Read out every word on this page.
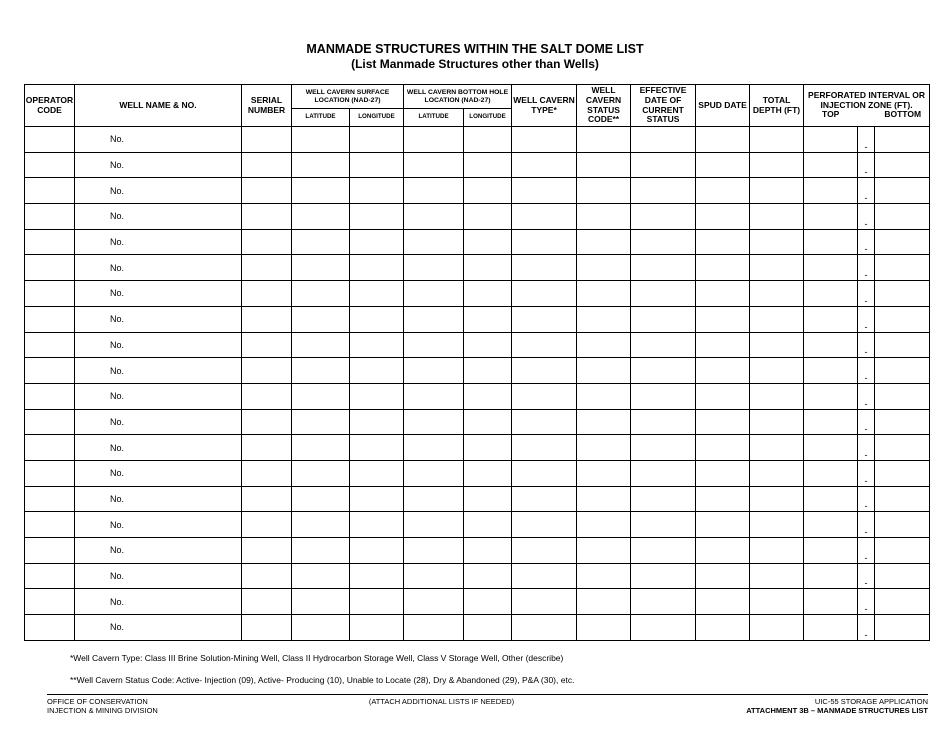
MANMADE STRUCTURES WITHIN THE SALT DOME LIST
(List Manmade Structures other than Wells)
OPERATOR CODE	WELL NAME & NO.	SERIAL NUMBER	WELL CAVERN SURFACE LOCATION (NAD-27)		WELL CAVERN BOTTOM HOLE LOCATION (NAD-27)		WELL CAVERN TYPE*	WELL CAVERN STATUS CODE**	EFFECTIVE DATE OF CURRENT STATUS	SPUD DATE	TOTAL DEPTH (FT)	PERFORATED INTERVAL OR INJECTION ZONE (FT).
TOP BOTTOM		

			LATITUDE	LONGITUDE	LATITUDE	LONGITUDE								
	No.												-	
	No.												-	
	No.												-	
	No.												-	
	No.												-	
	No.												-	
	No.												-	
	No.												-	
	No.												-	
	No.												-	
	No.												-	
	No.												-	
	No.												-	
	No.												-	
	No.												-	
	No.												-	
	No.												-	
	No.												-	
	No.												-	
	No.												-	
*Well Cavern Type: Class III Brine Solution-Mining Well, Class II Hydrocarbon Storage Well, Class V Storage Well, Other (describe)
**Well Cavern Status Code: Active- Injection (09), Active- Producing (10), Unable to Locate (28), Dry & Abandoned (29), P&A (30), etc.
OFFICE OF CONSERVATION
INJECTION & MINING DIVISION
(ATTACH ADDITIONAL LISTS IF NEEDED)	UIC-55 STORAGE APPLICATION
ATTACHMENT 3B – MANMADE STRUCTURES LIST
